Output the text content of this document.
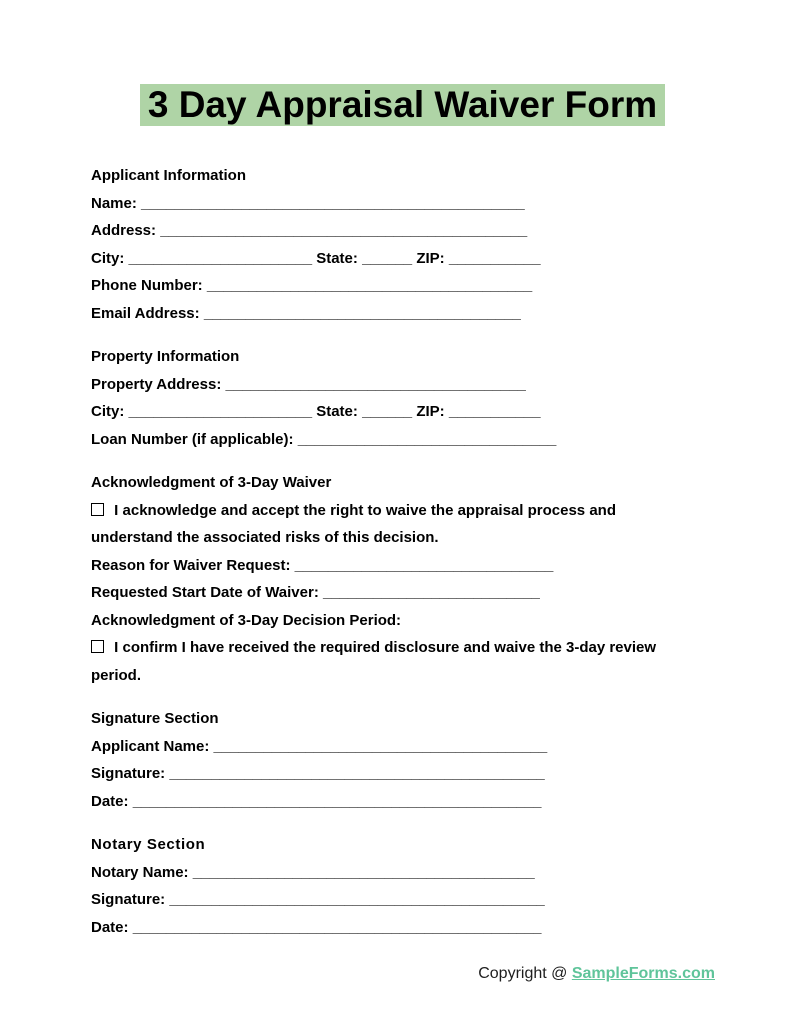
3 Day Appraisal Waiver Form

Applicant Information

Name: ______________________________________________

Address: ____________________________________________

City: ______________________ State: ______ ZIP: ___________

Phone Number: _______________________________________

Email Address: ______________________________________

Property Information

Property Address: ____________________________________

City: ______________________ State: ______ ZIP: ___________

Loan Number (if applicable): _______________________________

Acknowledgment of 3-Day Waiver

I acknowledge and accept the right to waive the appraisal process and

understand the associated risks of this decision.

Reason for Waiver Request: _______________________________

Requested Start Date of Waiver: __________________________

Acknowledgment of 3-Day Decision Period:

I confirm I have received the required disclosure and waive the 3-day review

period.

Signature Section

Applicant Name: ________________________________________

Signature: _____________________________________________

Date: _________________________________________________

Notary Section

Notary Name: _________________________________________

Signature: _____________________________________________

Date: _________________________________________________

Copyright @ SampleForms.com
